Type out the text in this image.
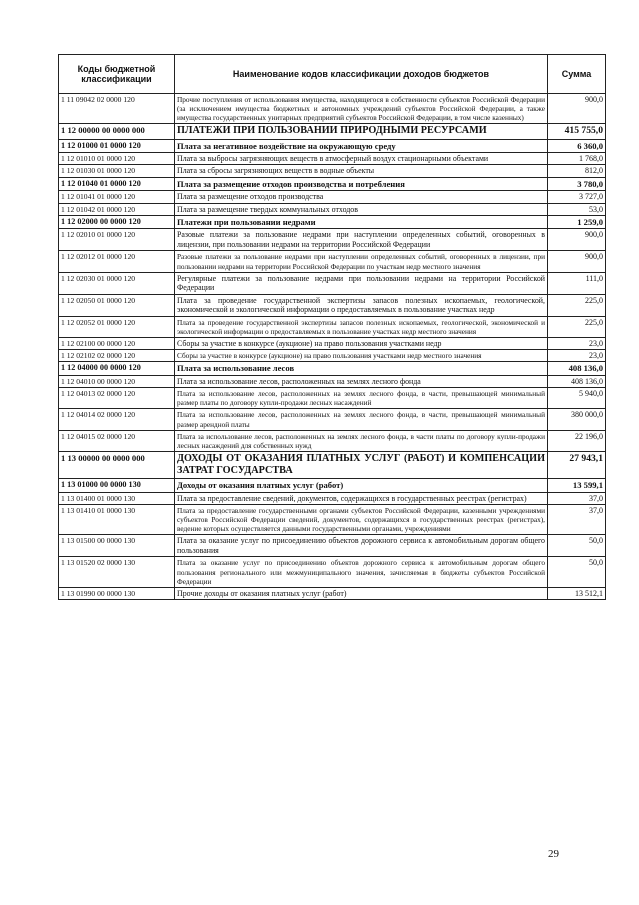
Коды бюджетной классификации	Наименование кодов классификации доходов бюджетов	Сумма
1 11 09042 02 0000 120	Прочие поступления от использования имущества, находящегося в собственности субъектов Российской Федерации (за исключением имущества бюджетных и автономных учреждений субъектов Российской Федерации, а также имущества государственных унитарных предприятий субъектов Российской Федерации, в том числе казенных)	900,0
1 12 00000 00 0000 000	ПЛАТЕЖИ ПРИ ПОЛЬЗОВАНИИ ПРИРОДНЫМИ РЕСУРСАМИ	415 755,0
1 12 01000 01 0000 120	Плата за негативное воздействие на окружающую среду	6 360,0
1 12 01010 01 0000 120	Плата за выбросы загрязняющих веществ в атмосферный воздух стационарными объектами	1 768,0
1 12 01030 01 0000 120	Плата за сбросы загрязняющих веществ в водные объекты	812,0
1 12 01040 01 0000 120	Плата за размещение отходов производства и потребления	3 780,0
1 12 01041 01 0000 120	Плата за размещение отходов производства	3 727,0
1 12 01042 01 0000 120	Плата за размещение твердых коммунальных отходов	53,0
1 12 02000 00 0000 120	Платежи при пользовании недрами	1 259,0
1 12 02010 01 0000 120	Разовые платежи за пользование недрами при наступлении определенных событий, оговоренных в лицензии, при пользовании недрами на территории Российской Федерации	900,0
1 12 02012 01 0000 120	Разовые платежи за пользование недрами при наступлении определенных событий, оговоренных в лицензии, при пользовании недрами на территории Российской Федерации по участкам недр местного значения	900,0
1 12 02030 01 0000 120	Регулярные платежи за пользование недрами при пользовании недрами на территории Российской Федерации	111,0
1 12 02050 01 0000 120	Плата за проведение государственной экспертизы запасов полезных ископаемых, геологической, экономической и экологической информации о предоставляемых в пользование участках недр	225,0
1 12 02052 01 0000 120	Плата за проведение государственной экспертизы запасов полезных ископаемых, геологической, экономической и экологической информации о предоставляемых в пользование участках недр местного значения	225,0
1 12 02100 00 0000 120	Сборы за участие в конкурсе (аукционе) на право пользования участками недр	23,0
1 12 02102 02 0000 120	Сборы за участие в конкурсе (аукционе) на право пользования участками недр местного значения	23,0
1 12 04000 00 0000 120	Плата за использование лесов	408 136,0
1 12 04010 00 0000 120	Плата за использование лесов, расположенных на землях лесного фонда	408 136,0
1 12 04013 02 0000 120	Плата за использование лесов, расположенных на землях лесного фонда, в части, превышающей минимальный размер платы по договору купли-продажи лесных насаждений	5 940,0
1 12 04014 02 0000 120	Плата за использование лесов, расположенных на землях лесного фонда, в части, превышающей минимальный размер арендной платы	380 000,0
1 12 04015 02 0000 120	Плата за использование лесов, расположенных на землях лесного фонда, в части платы по договору купли-продажи лесных насаждений для собственных нужд	22 196,0
1 13 00000 00 0000 000	ДОХОДЫ ОТ ОКАЗАНИЯ ПЛАТНЫХ УСЛУГ (РАБОТ) И КОМПЕНСАЦИИ ЗАТРАТ ГОСУДАРСТВА	27 943,1
1 13 01000 00 0000 130	Доходы от оказания платных услуг (работ)	13 599,1
1 13 01400 01 0000 130	Плата за предоставление сведений, документов, содержащихся в государственных реестрах (регистрах)	37,0
1 13 01410 01 0000 130	Плата за предоставление государственными органами субъектов Российской Федерации, казенными учреждениями субъектов Российской Федерации сведений, документов, содержащихся в государственных реестрах (регистрах), ведение которых осуществляется данными государственными органами, учреждениями	37,0
1 13 01500 00 0000 130	Плата за оказание услуг по присоединению объектов дорожного сервиса к автомобильным дорогам общего пользования	50,0
1 13 01520 02 0000 130	Плата за оказание услуг по присоединению объектов дорожного сервиса к автомобильным дорогам общего пользования регионального или межмуниципального значения, зачисляемая в бюджеты субъектов Российской Федерации	50,0
1 13 01990 00 0000 130	Прочие доходы от оказания платных услуг (работ)	13 512,1
29
